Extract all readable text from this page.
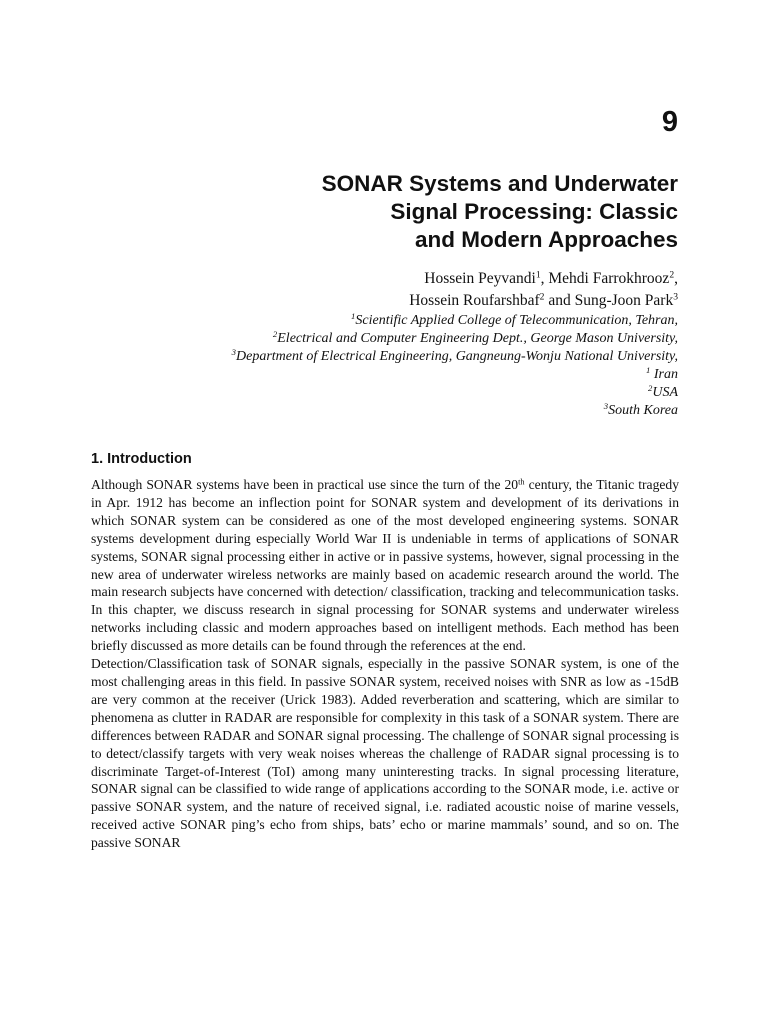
9
SONAR Systems and Underwater
Signal Processing: Classic
and Modern Approaches
Hossein Peyvandi$^1$, Mehdi Farrokhrooz$^2$,
Hossein Roufarshbaf$^2$ and Sung-Joon Park$^3$
$^1$Scientific Applied College of Telecommunication, Tehran,
$^2$Electrical and Computer Engineering Dept., George Mason University,
$^3$Department of Electrical Engineering, Gangneung-Wonju National University,
$^1$ Iran
$^2$USA
$^3$South Korea
1. Introduction

Although SONAR systems have been in practical use since the turn of the 20th century, the Titanic tragedy in Apr. 1912 has become an inflection point for SONAR system and development of its derivations in which SONAR system can be considered as one of the most developed engineering systems. SONAR systems development during especially World War II is undeniable in terms of applications of SONAR systems, SONAR signal processing either in active or in passive systems, however, signal processing in the new area of underwater wireless networks are mainly based on academic research around the world. The main research subjects have concerned with detection/ classification, tracking and telecommunication tasks. In this chapter, we discuss research in signal processing for SONAR systems and underwater wireless networks including classic and modern approaches based on intelligent methods. Each method has been briefly discussed as more details can be found through the references at the end.

Detection/Classification task of SONAR signals, especially in the passive SONAR system, is one of the most challenging areas in this field. In passive SONAR system, received noises with SNR as low as -15dB are very common at the receiver (Urick 1983). Added reverberation and scattering, which are similar to phenomena as clutter in RADAR are responsible for complexity in this task of a SONAR system. There are differences between RADAR and SONAR signal processing. The challenge of SONAR signal processing is to detect/classify targets with very weak noises whereas the challenge of RADAR signal processing is to discriminate Target-of-Interest (ToI) among many uninteresting tracks. In signal processing literature, SONAR signal can be classified to wide range of applications according to the SONAR mode, i.e. active or passive SONAR system, and the nature of received signal, i.e. radiated acoustic noise of marine vessels, received active SONAR ping’s echo from ships, bats’ echo or marine mammals’ sound, and so on. The passive SONAR
